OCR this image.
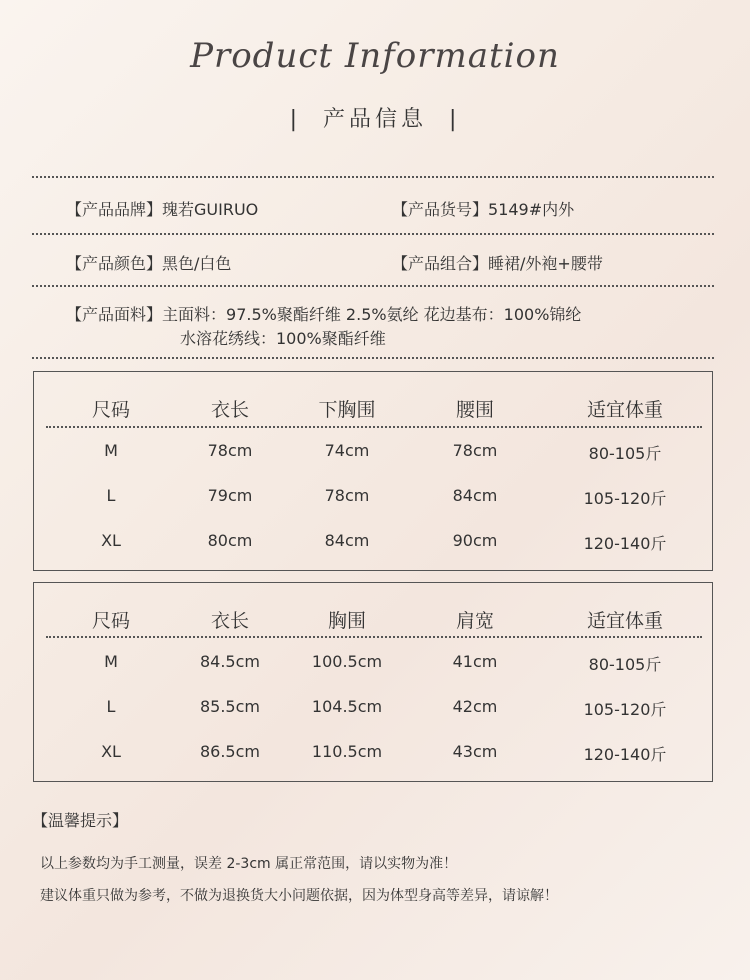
Product Information
| 产品信息 |
【产品品牌】瑰若GUIRUO	【产品货号】5149#内外
【产品颜色】黑色/白色	【产品组合】睡裙/外袍+腰带
【产品面料】主面料：97.5%聚酯纤维 2.5%氨纶 花边基布：100%锦纶
水溶花绣线：100%聚酯纤维
尺码	衣长	下胸围	腰围	适宜体重
M	78cm	74cm	78cm	80-105斤
L	79cm	78cm	84cm	105-120斤
XL	80cm	84cm	90cm	120-140斤
尺码	衣长	胸围	肩宽	适宜体重
M	84.5cm	100.5cm	41cm	80-105斤
L	85.5cm	104.5cm	42cm	105-120斤
XL	86.5cm	110.5cm	43cm	120-140斤
【温馨提示】
以上参数均为手工测量，误差 2-3cm 属正常范围，请以实物为准！
建议体重只做为参考，不做为退换货大小问题依据，因为体型身高等差异，请谅解！
